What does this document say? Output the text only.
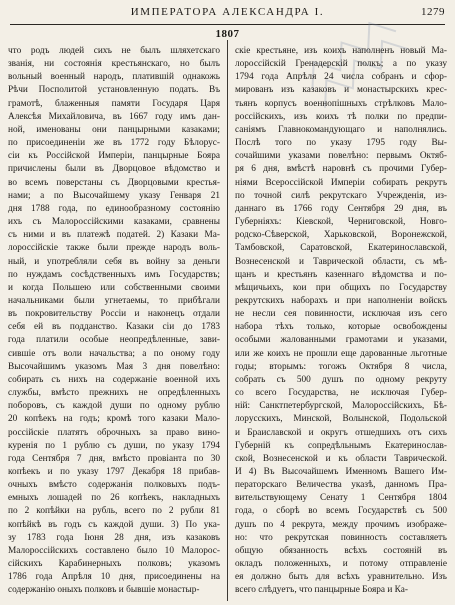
ИМПЕРАТОРА АЛЕКСАНДРА I.	1279
1807
что родъ людей сихъ не былъ шляхетскаго
званія, ни состоянія крестьянскаго, но былъ
вольный военный народъ, платившій однакожь
Рѣчи Посполитой установленную подать. Въ
грамотѣ, блаженныя памяти Государя Царя
Алексѣя Михайловича, въ 1667 году имъ дан-
ной, именованы они панцырными казаками;
по присоединеніи же въ 1772 году Бѣлорус-
сіи къ Россійской Имперіи, панцырные Бояра
причислены были въ Дворцовое вѣдомство и
во всемъ поверстаны съ Дворцовыми крестья-
нами; а по Высочайшему указу Генваря 21
дня 1788 года, по единообразному состоянію
ихъ съ Малороссійскими казаками, сравнены
съ ними и въ платежѣ податей. 2) Казаки Ма-
лороссійскіе также были прежде народъ воль-
ный, и употребляли себя въ войну за деньги
по нуждамъ сосѣдственныхъ имъ Государствъ;
и когда Польшею или собственными своими
начальниками были угнетаемы, то прибѣгали
въ покровительству Россіи и наконецъ отдали
себя ей въ подданство. Казаки сіи до 1783
года платили особые неопредѣленные, зави-
сившіе отъ воли начальства; а по оному году
Высочайшимъ указомъ Мая 3 дня повелѣно:
собирать съ нихъ на содержаніе военной ихъ
службы, вмѣсто прежнихъ не опредѣленныхъ
поборовъ, съ каждой души по одному рублю
20 копѣекъ на годъ; кромѣ того казаки Мало-
россійскіе платятъ оброчныхъ за право вино-
куренія по 1 рублю съ души, по указу 1794
года Сентября 7 дня, вмѣсто провіанта по 30
копѣекъ и по указу 1797 Декабря 18 прибав-
очныхъ вмѣсто содержанія полковыхъ подъ-
емныхъ лошадей по 26 копѣекъ, накладныхъ
по 2 копѣйки на рубль, всего по 2 рубли 81
копѣйкѣ въ годъ съ каждой души. 3) По ука-
зу 1783 года Іюня 28 дня, изъ казаковъ
Малороссійскихъ составлено было 10 Малорос-
сійскихъ Карабинерныхъ полковъ; указомъ
1786 года Апрѣля 10 дня, присоединены на
содержанію оныхъ полковъ и бывшіе монастыр-
скіе крестьяне, изъ коихъ наполненъ новый Ма-
лороссійскій Гренадерскій полкъ; а по указу
1794 года Апрѣля 24 числа собранъ и сфор-
мированъ изъ казаковъ и монастырскихъ крес-
тьянъ корпусъ военнопішныхъ стрѣлковъ Мало-
россійскихъ, изъ коихъ тѣ полки по предпи-
саніямъ Главнокомандующаго и наполнялись.
Послѣ того по указу 1795 году Вы-
сочайшими указами повелѣно: первымъ Октяб-
ря 6 дня, вмѣстѣ наровнѣ съ прочими Губер-
ніями Всероссійской Имперіи собирать рекрутъ
по точной силѣ рекрутскаго Учрежденія, из-
даннаго въ 1766 году Сентября 29 дня, въ
Губерніяхъ: Кіевской, Черниговской, Новго-
родско-Сѣверской, Харьковской, Воронежской,
Тамбовской, Саратовской, Екатеринославской,
Вознесенской и Таврической области, съ мѣ-
щанъ и крестьянъ казеннаго вѣдомства и по-
мѣщичьихъ, кои при общихъ по Государству
рекрутскихъ наборахъ и при наполненіи войскъ
не несли сея повинности, исключая изъ сего
набора тѣхъ только, которые освобождены
особыми жалованными грамотами и указами,
или же коихъ не прошли еще дарованные льготные
годы; вторымъ: тогожъ Октября 8 числа,
собрать съ 500 душъ по одному рекруту
со всего Государства, не исключая Губер-
ній: Санктпетербургской, Малороссійскихъ, Бѣ-
лорусскихъ, Минской, Волынской, Подольской
и Браиславской и округъ отшедшихъ отъ сихъ
Губерній къ сопредѣльнымъ Екатеринослав-
ской, Вознесенской и къ области Таврической.
И 4) Въ Высочайшемъ Именномъ Вашего Им-
ператорскаго Величества указѣ, данномъ Пра-
вительствующему Сенату 1 Сентября 1804
года, о сборѣ во всемъ Государствѣ съ 500
душъ по 4 рекрута, между прочимъ изображе-
но: что рекрутская повинность составляетъ
общую обязанность всѣхъ состояній въ
окладъ положенныхъ, и потому отправленіе
ея должно быть для всѣхъ уравнительно. Изъ
всего слѣдуетъ, что панцырные Бояра и Ка-
